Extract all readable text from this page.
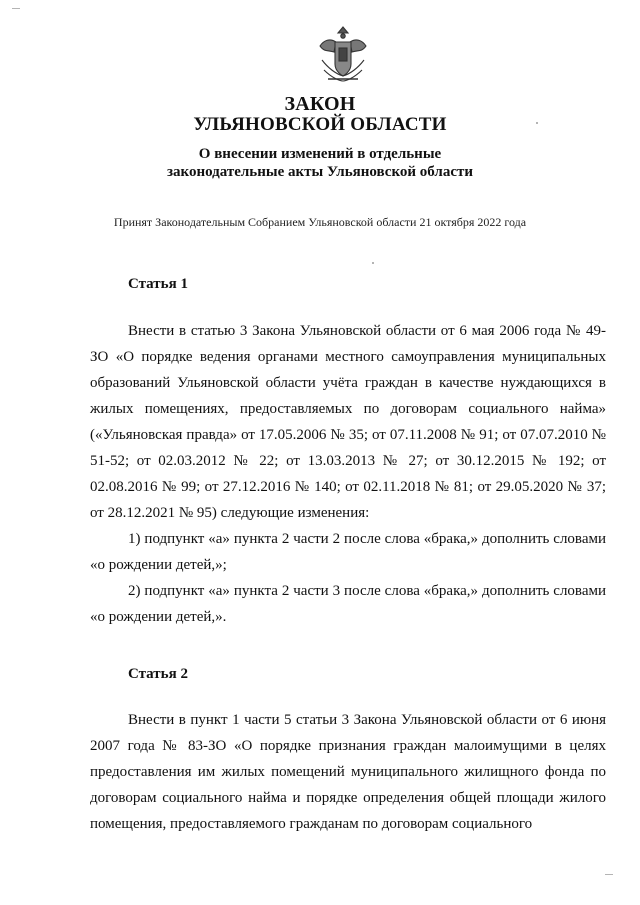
ЗАКОН
УЛЬЯНОВСКОЙ ОБЛАСТИ
О внесении изменений в отдельные
законодательные акты Ульяновской области
Принят Законодательным Собранием Ульяновской области 21 октября 2022 года
Статья 1

Внести в статью 3 Закона Ульяновской области от 6 мая 2006 года № 49-ЗО «О порядке ведения органами местного самоуправления муниципальных образований Ульяновской области учёта граждан в качестве нуждающихся в жилых помещениях, предоставляемых по договорам социального найма» («Ульяновская правда» от 17.05.2006 № 35; от 07.11.2008 № 91; от 07.07.2010 № 51-52; от 02.03.2012 № 22; от 13.03.2013 № 27; от 30.12.2015 № 192; от 02.08.2016 № 99; от 27.12.2016 № 140; от 02.11.2018 № 81; от 29.05.2020 № 37; от 28.12.2021 № 95) следующие изменения:

1) подпункт «а» пункта 2 части 2 после слова «брака,» дополнить словами «о рождении детей,»;

2) подпункт «а» пункта 2 части 3 после слова «брака,» дополнить словами «о рождении детей,».

Статья 2

Внести в пункт 1 части 5 статьи 3 Закона Ульяновской области от 6 июня 2007 года № 83-ЗО «О порядке признания граждан малоимущими в целях предоставления им жилых помещений муниципального жилищного фонда по договорам социального найма и порядке определения общей площади жилого помещения, предоставляемого гражданам по договорам социального
